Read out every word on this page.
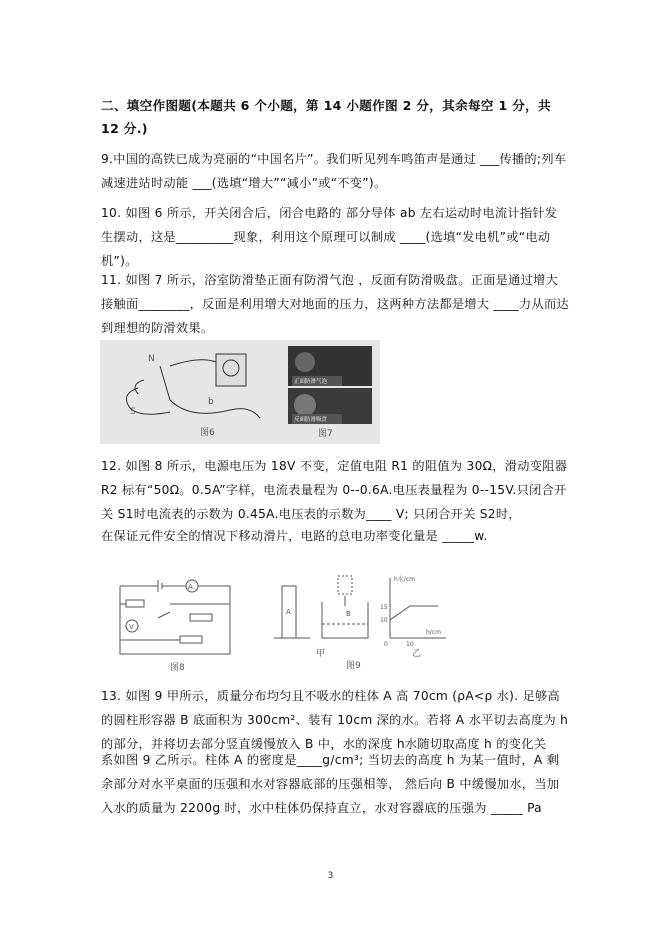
二、填空作图题(本题共 6 个小题，第 14 小题作图 2 分，其余每空 1 分，共 12 分.)
9.中国的高铁已成为亮丽的“中国名片”。我们听见列车鸣笛声是通过 ___传播的;列车减速进站时动能 ___(选填“增大”“减小”或“不变”)。
10. 如图 6 所示，开关闭合后，闭合电路的 部分导体 ab 左右运动时电流计指针发生摆动，这是_________现象，利用这个原理可以制成 ____(选填“发电机”或“电动机”)。
11. 如图 7 所示，浴室防滑垫正面有防滑气泡 ，反面有防滑吸盘。正面是通过增大接触面________，反面是利用增大对地面的压力，这两种方法都是增大 ____力从而达到理想的防滑效果。
N
b
S
图6
正面防滑气泡
反面防滑吸盘
图7
12. 如图 8 所示，电源电压为 18V 不变，定值电阻 R1 的阻值为 30Ω，滑动变阻器 R2 标有“50Ω。0.5A”字样，电流表量程为 0--0.6A.电压表量程为 0--15V.只闭合开关 S1时电流表的示数为 0.45A.电压表的示数为____ V; 只闭合开关 S2时，
在保证元件安全的情况下移动滑片，电路的总电功率变化量是 _____w.
A
V
图8
A	B
h水/cm
h/cm
15
10
0	10
甲	乙
图9
13. 如图 9 甲所示，质量分布均匀且不吸水的柱体 A 高 70cm (ρA<ρ 水). 足够高的圆柱形容器 B 底面积为 300cm²、装有 10cm 深的水。若将 A 水平切去高度为 h 的部分，并将切去部分竖直缓慢放入 B 中，水的深度 h水随切取高度 h 的变化关
系如图 9 乙所示。柱体 A 的密度是____g/cm³; 当切去的高度 h 为某一值时，A 剩余部分对水平桌面的压强和水对容器底部的压强相等， 然后向 B 中缓慢加水，当加入水的质量为 2200g 时，水中柱体仍保持直立，水对容器底的压强为 _____ Pa
3
